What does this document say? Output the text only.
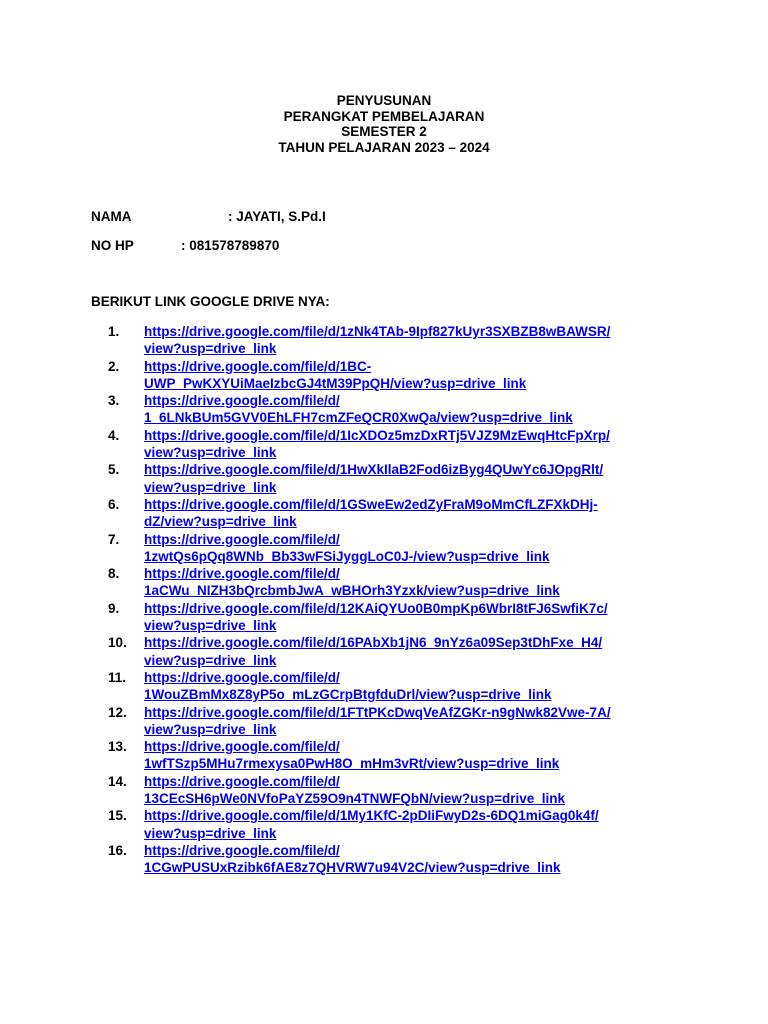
PENYUSUNAN
PERANGKAT PEMBELAJARAN
SEMESTER 2
TAHUN PELAJARAN 2023 – 2024
NAMA	: JAYATI, S.Pd.I
NO HP	: 081578789870
BERIKUT LINK GOOGLE DRIVE NYA:
1. https://drive.google.com/file/d/1zNk4TAb-9Ipf827kUyr3SXBZB8wBAWSR/
view?usp=drive_link
2. https://drive.google.com/file/d/1BC-
UWP_PwKXYUiMaeIzbcGJ4tM39PpQH/view?usp=drive_link
3. https://drive.google.com/file/d/
1_6LNkBUm5GVV0EhLFH7cmZFeQCR0XwQa/view?usp=drive_link
4. https://drive.google.com/file/d/1IcXDOz5mzDxRTj5VJZ9MzEwqHtcFpXrp/
view?usp=drive_link
5. https://drive.google.com/file/d/1HwXkIlaB2Fod6izByg4QUwYc6JOpgRlt/
view?usp=drive_link
6. https://drive.google.com/file/d/1GSweEw2edZyFraM9oMmCfLZFXkDHj-
dZ/view?usp=drive_link
7. https://drive.google.com/file/d/
1zwtQs6pQq8WNb_Bb33wFSiJyggLoC0J-/view?usp=drive_link
8. https://drive.google.com/file/d/
1aCWu_NIZH3bQrcbmbJwA_wBHOrh3Yzxk/view?usp=drive_link
9. https://drive.google.com/file/d/12KAiQYUo0B0mpKp6WbrI8tFJ6SwfiK7c/
view?usp=drive_link
10. https://drive.google.com/file/d/16PAbXb1jN6_9nYz6a09Sep3tDhFxe_H4/
view?usp=drive_link
11. https://drive.google.com/file/d/
1WouZBmMx8Z8yP5o_mLzGCrpBtgfduDrl/view?usp=drive_link
12. https://drive.google.com/file/d/1FTtPKcDwqVeAfZGKr-n9gNwk82Vwe-7A/
view?usp=drive_link
13. https://drive.google.com/file/d/
1wfTSzp5MHu7rmexysa0PwH8O_mHm3vRt/view?usp=drive_link
14. https://drive.google.com/file/d/
13CEcSH6pWe0NVfoPaYZ59O9n4TNWFQbN/view?usp=drive_link
15. https://drive.google.com/file/d/1My1KfC-2pDIiFwyD2s-6DQ1miGag0k4f/
view?usp=drive_link
16. https://drive.google.com/file/d/
1CGwPUSUxRzibk6fAE8z7QHVRW7u94V2C/view?usp=drive_link
